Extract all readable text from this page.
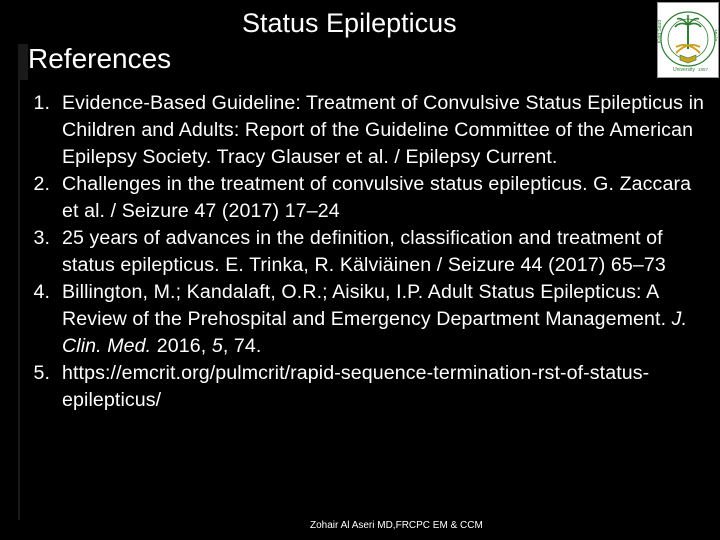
Status Epilepticus
References
King Saud	جامعة
University 1957
1. Evidence-Based Guideline: Treatment of Convulsive Status Epilepticus in Children and Adults: Report of the Guideline Committee of the American Epilepsy Society. Tracy Glauser et al. / Epilepsy Current.
2. Challenges in the treatment of convulsive status epilepticus. G. Zaccara et al. / Seizure 47 (2017) 17–24
3. 25 years of advances in the definition, classification and treatment of status epilepticus. E. Trinka, R. Kälviäinen / Seizure 44 (2017) 65–73
4. Billington, M.; Kandalaft, O.R.; Aisiku, I.P. Adult Status Epilepticus: A Review of the Prehospital and Emergency Department Management. J. Clin. Med. 2016, 5, 74.
5. https://emcrit.org/pulmcrit/rapid-sequence-termination-rst-of-status-epilepticus/
Zohair Al Aseri MD,FRCPC EM & CCM
